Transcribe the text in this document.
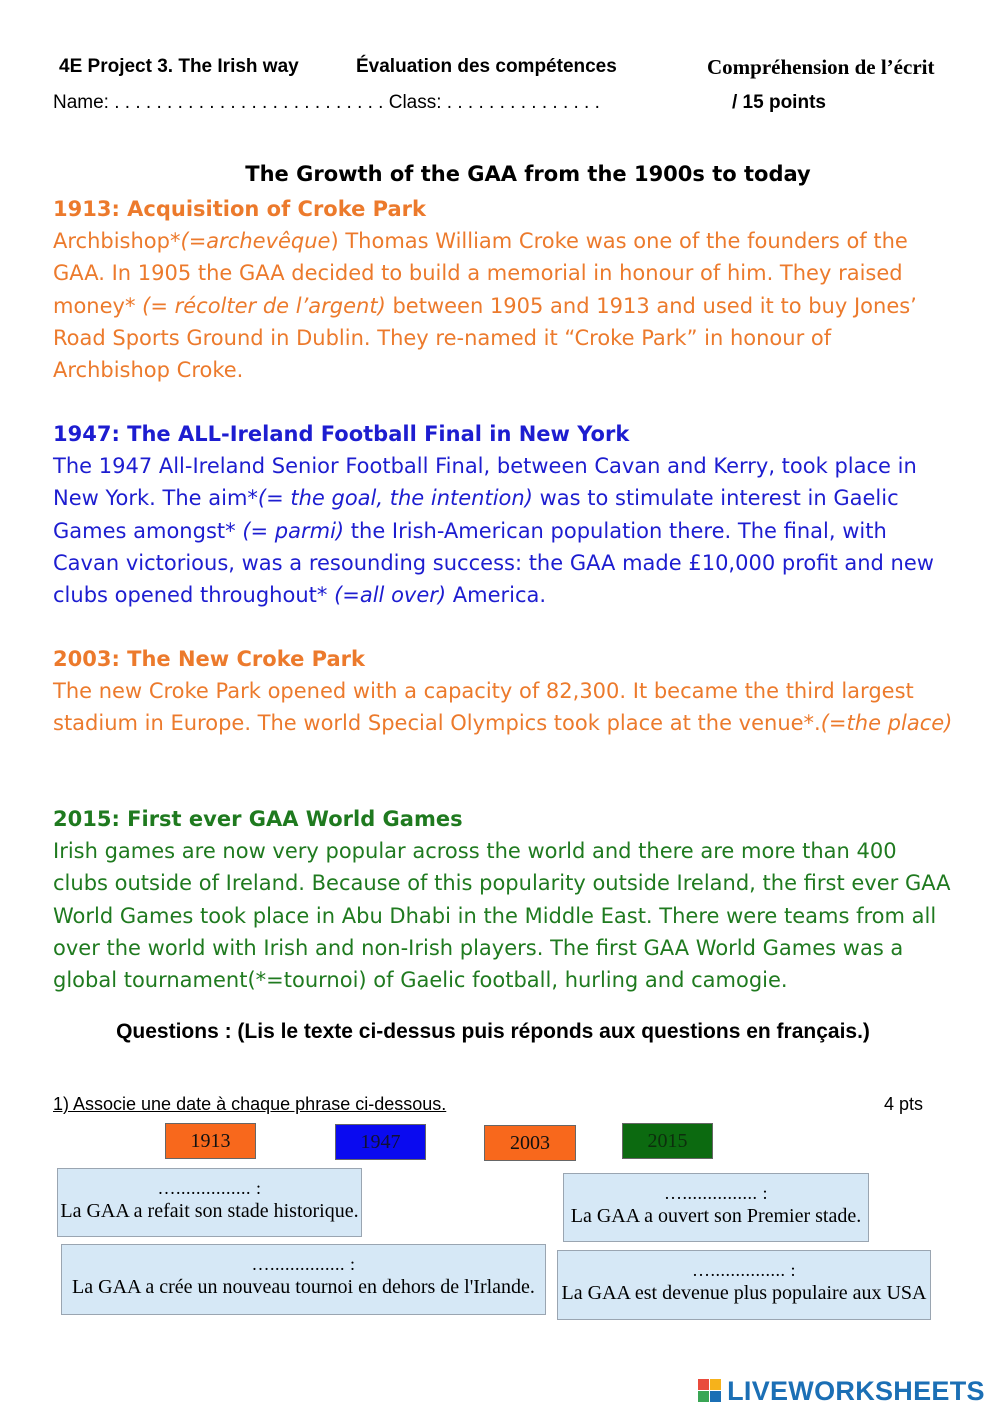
4E Project 3. The Irish way	Évaluation des compétences	Compréhension de l’écrit
Name: . . . . . . . . . . . . . . . . . . . . . . . . . . Class: . . . . . . . . . . . . . . .	/ 15 points
The Growth of the GAA from the 1900s to today

1913: Acquisition of Croke Park

Archbishop*(=archevêque) Thomas William Croke was one of the founders of the GAA. In 1905 the GAA decided to build a memorial in honour of him. They raised money* (= récolter de l’argent) between 1905 and 1913 and used it to buy Jones’ Road Sports Ground in Dublin. They re-named it “Croke Park” in honour of Archbishop Croke.

1947: The ALL-Ireland Football Final in New York

The 1947 All-Ireland Senior Football Final, between Cavan and Kerry, took place in New York. The aim*(= the goal, the intention) was to stimulate interest in Gaelic Games amongst* (= parmi) the Irish-American population there. The final, with Cavan victorious, was a resounding success: the GAA made £10,000 profit and new clubs opened throughout* (=all over) America.

2003: The New Croke Park

The new Croke Park opened with a capacity of 82,300. It became the third largest stadium in Europe. The world Special Olympics took place at the venue*.(=the place)

2015: First ever GAA World Games

Irish games are now very popular across the world and there are more than 400 clubs outside of Ireland. Because of this popularity outside Ireland, the first ever GAA World Games took place in Abu Dhabi in the Middle East. There were teams from all over the world with Irish and non-Irish players. The first GAA World Games was a global tournament(*=tournoi) of Gaelic football, hurling and camogie.

Questions : (Lis le texte ci-dessus puis réponds aux questions en français.)
1) Associe une date à chaque phrase ci-dessous.	4 pts
1913	1947	2003	2015
…............... :
La GAA a refait son stade historique.
…............... :
La GAA a ouvert son Premier stade.
…............... :
La GAA a crée un nouveau tournoi en dehors de l'Irlande.
…............... :
La GAA est devenue plus populaire aux USA
LIVEWORKSHEETS
